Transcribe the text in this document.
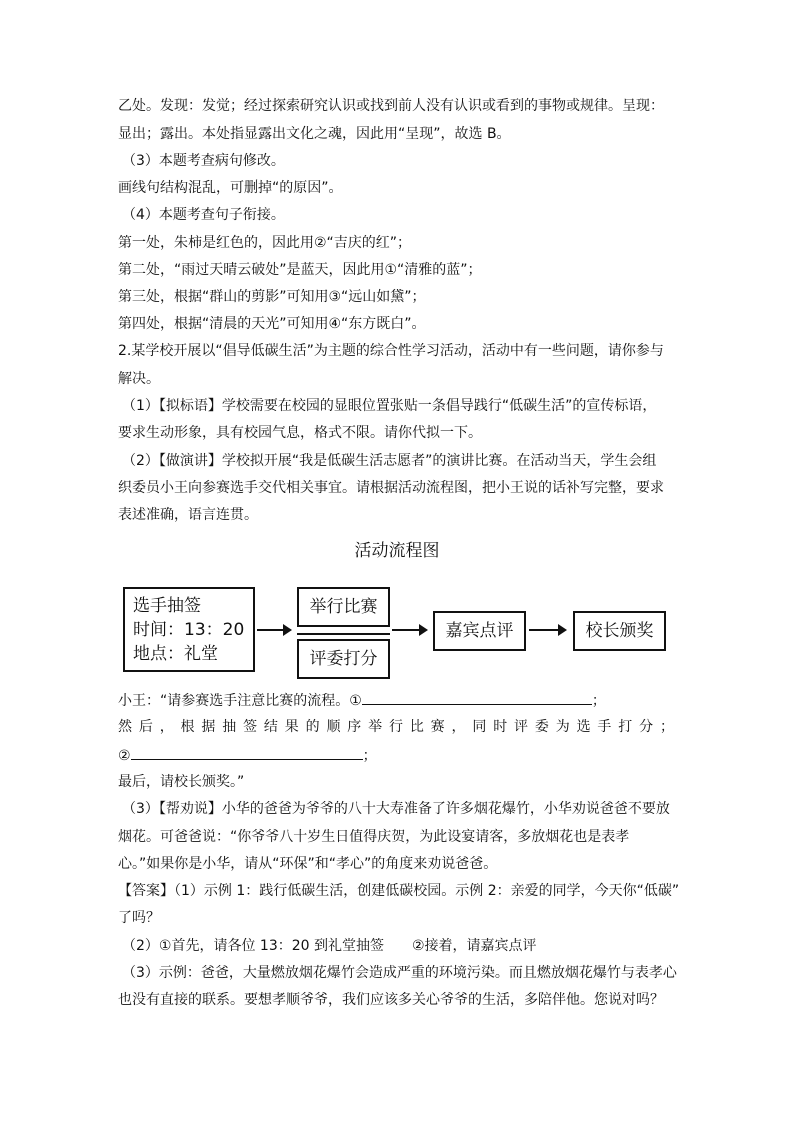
乙处。发现：发觉；经过探索研究认识或找到前人没有认识或看到的事物或规律。呈现：
显出；露出。本处指显露出文化之魂，因此用“呈现”，故选 B。
（3）本题考查病句修改。
画线句结构混乱，可删掉“的原因”。
（4）本题考查句子衔接。
第一处，朱柿是红色的，因此用②“吉庆的红”；
第二处，“雨过天晴云破处”是蓝天，因此用①“清雅的蓝”；
第三处，根据“群山的剪影”可知用③“远山如黛”；
第四处，根据“清晨的天光”可知用④“东方既白”。
2.某学校开展以“倡导低碳生活”为主题的综合性学习活动，活动中有一些问题，请你参与
解决。
（1）【拟标语】学校需要在校园的显眼位置张贴一条倡导践行“低碳生活”的宣传标语，
要求生动形象，具有校园气息，格式不限。请你代拟一下。
（2）【做演讲】学校拟开展“我是低碳生活志愿者”的演讲比赛。在活动当天，学生会组
织委员小王向参赛选手交代相关事宜。请根据活动流程图，把小王说的话补写完整，要求
表述准确，语言连贯。
活动流程图
选手抽签
时间：13：20
地点：礼堂
举行比赛
评委打分
嘉宾点评	校长颁奖
小王：“请参赛选手注意比赛的流程。①	；
然 后 ， 根 据 抽 签 结 果 的 顺 序 举 行 比 赛 ， 同 时 评 委 为 选 手 打 分 ；
②	；
最后，请校长颁奖。”
（3）【帮劝说】小华的爸爸为爷爷的八十大寿准备了许多烟花爆竹，小华劝说爸爸不要放
烟花。可爸爸说：“你爷爷八十岁生日值得庆贺，为此设宴请客，多放烟花也是表孝
心。”如果你是小华，请从“环保”和“孝心”的角度来劝说爸爸。
【答案】（1）示例 1：践行低碳生活，创建低碳校园。示例 2：亲爱的同学，今天你“低碳”
了吗？
（2）①首先，请各位 13：20 到礼堂抽签　　②接着，请嘉宾点评
（3）示例：爸爸，大量燃放烟花爆竹会造成严重的环境污染。而且燃放烟花爆竹与表孝心
也没有直接的联系。要想孝顺爷爷，我们应该多关心爷爷的生活，多陪伴他。您说对吗？
